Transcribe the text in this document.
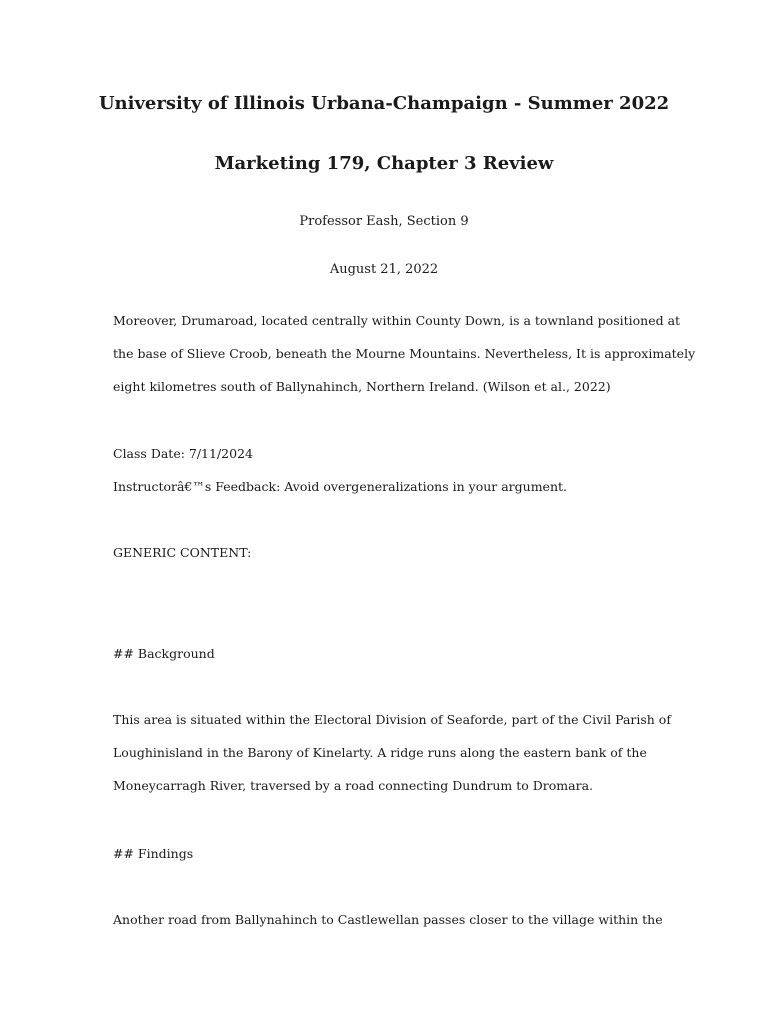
University of Illinois Urbana-Champaign - Summer 2022
Marketing 179, Chapter 3 Review

Professor Eash, Section 9

August 21, 2022

Moreover, Drumaroad, located centrally within County Down, is a townland positioned at

the base of Slieve Croob, beneath the Mourne Mountains. Nevertheless, It is approximately

eight kilometres south of Ballynahinch, Northern Ireland. (Wilson et al., 2022)

Class Date: 7/11/2024

Instructorâ€™s Feedback: Avoid overgeneralizations in your argument.

GENERIC CONTENT:

## Background

This area is situated within the Electoral Division of Seaforde, part of the Civil Parish of

Loughinisland in the Barony of Kinelarty. A ridge runs along the eastern bank of the

Moneycarragh River, traversed by a road connecting Dundrum to Dromara.

## Findings

Another road from Ballynahinch to Castlewellan passes closer to the village within the
